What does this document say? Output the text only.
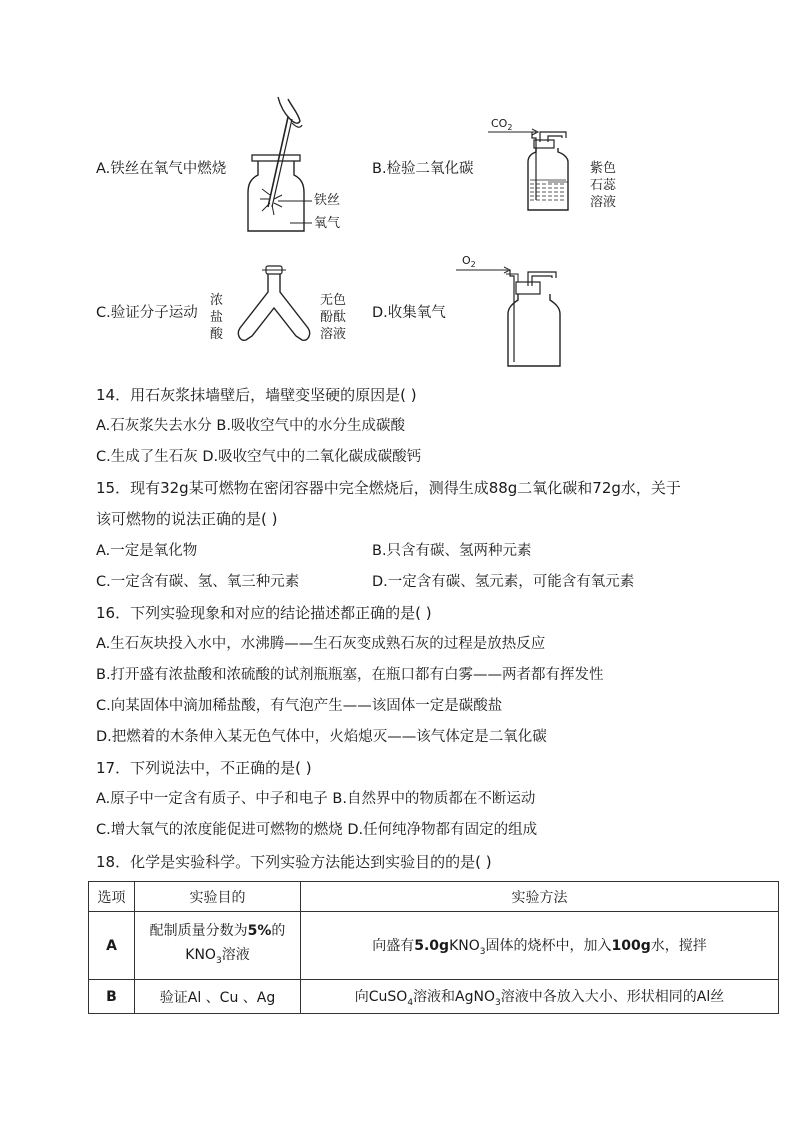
A.铁丝在氧气中燃烧
铁丝
氧气
B.检验二氧化碳
$CO_2$
紫色
石蕊
溶液
C.验证分子运动
浓
盐
酸
无色
酚酞
溶液
D.收集氧气
$O_2$
14．用石灰浆抹墙壁后，墙壁变坚硬的原因是( )
A.石灰浆失去水分 B.吸收空气中的水分生成碳酸
C.生成了生石灰 D.吸收空气中的二氧化碳成碳酸钙
15．现有32g某可燃物在密闭容器中完全燃烧后，测得生成88g二氧化碳和72g水，关于
该可燃物的说法正确的是( )
A.一定是氧化物	B.只含有碳、氢两种元素
C.一定含有碳、氢、氧三种元素	D.一定含有碳、氢元素，可能含有氧元素
16．下列实验现象和对应的结论描述都正确的是( )
A.生石灰块投入水中，水沸腾——生石灰变成熟石灰的过程是放热反应
B.打开盛有浓盐酸和浓硫酸的试剂瓶瓶塞，在瓶口都有白雾——两者都有挥发性
C.向某固体中滴加稀盐酸，有气泡产生——该固体一定是碳酸盐
D.把燃着的木条伸入某无色气体中，火焰熄灭——该气体定是二氧化碳
17．下列说法中，不正确的是( )
A.原子中一定含有质子、中子和电子 B.自然界中的物质都在不断运动
C.增大氧气的浓度能促进可燃物的燃烧 D.任何纯净物都有固定的组成
18．化学是实验科学。下列实验方法能达到实验目的的是( )
选项	实验目的	实验方法
A	配制质量分数为5%的
$KNO_3$溶液	向盛有5.0gKNO$_3$固体的烧杯中，加入100g水，搅拌
B	验证Al 、Cu 、Ag	向CuSO$_4$溶液和AgNO$_3$溶液中各放入大小、形状相同的Al丝
